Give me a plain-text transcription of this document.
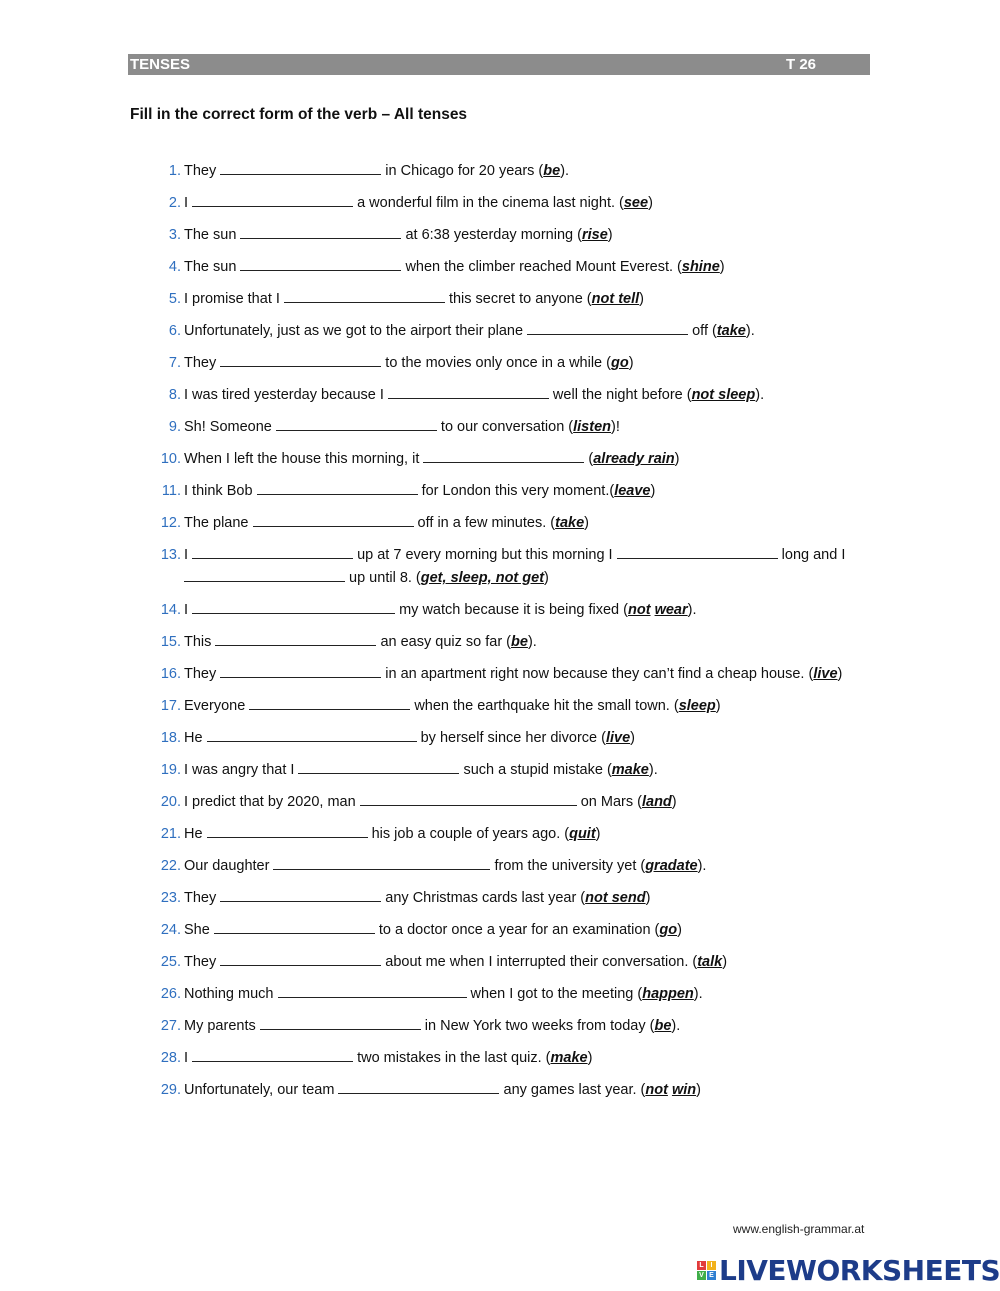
TENSES	T 26
Fill in the correct form of the verb – All tenses
1. They	in Chicago for 20 years (be).
2. I	a wonderful film in the cinema last night. (see)
3. The sun	at 6:38 yesterday morning (rise)
4. The sun	when the climber reached Mount Everest. (shine)
5. I promise that I	this secret to anyone (not tell)
6. Unfortunately, just as we got to the airport their plane	off (take).
7. They	to the movies only once in a while (go)
8. I was tired yesterday because I	well the night before (not sleep).
9. Sh! Someone	to our conversation (listen)!
10. When I left the house this morning, it	(already rain)
11. I think Bob	for London this very moment.(leave)
12. The plane	off in a few minutes. (take)
13. I	up at 7 every morning but this morning I	long and I  up until 8. (get, sleep, not get)
14. I	my watch because it is being fixed (not wear).
15. This	an easy quiz so far (be).
16. They	in an apartment right now because they can’t find a cheap house. (live)
17. Everyone	when the earthquake hit the small town. (sleep)
18. He	by herself since her divorce (live)
19. I was angry that I	such a stupid mistake (make).
20. I predict that by 2020, man	on Mars (land)
21. He	his job a couple of years ago. (quit)
22. Our daughter	from the university yet (gradate).
23. They	any Christmas cards last year (not send)
24. She	to a doctor once a year for an examination (go)
25. They	about me when I interrupted their conversation. (talk)
26. Nothing much	when I got to the meeting (happen).
27. My parents	in New York two weeks from today (be).
28. I	two mistakes in the last quiz. (make)
29. Unfortunately, our team	any games last year. (not win)
www.english-grammar.at
L I
V E LIVEWORKSHEETS
